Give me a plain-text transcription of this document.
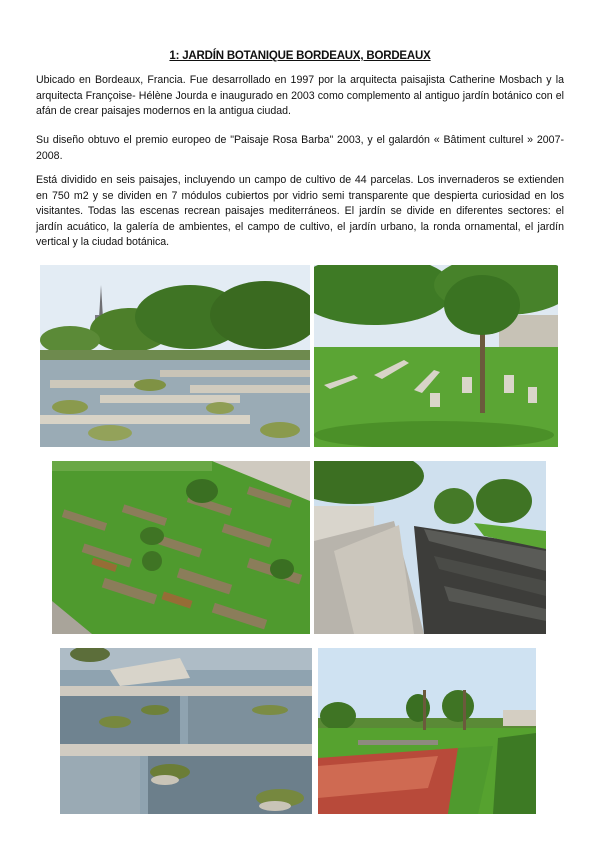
1: JARDÍN BOTANIQUE BORDEAUX, BORDEAUX

Ubicado en Bordeaux, Francia. Fue desarrollado en 1997 por la arquitecta paisajista Catherine Mosbach y la arquitecta Françoise- Hélène Jourda e inaugurado en 2003 como complemento al antiguo jardín botánico con el afán de crear paisajes modernos en la antigua ciudad.

Su diseño obtuvo el premio europeo de "Paisaje Rosa Barba" 2003, y el galardón « Bâtiment culturel » 2007-2008.

Está dividido en seis paisajes, incluyendo un campo de cultivo de 44 parcelas. Los invernaderos se extienden en 750 m2 y se dividen en 7 módulos cubiertos por vidrio semi transparente que despierta curiosidad en los visitantes. Todas las escenas recrean paisajes mediterráneos. El jardín se divide en diferentes sectores: el jardín acuático, la galería de ambientes, el campo de cultivo, el jardín urbano, la ronda ornamental, el jardín vertical y la ciudad botánica.
